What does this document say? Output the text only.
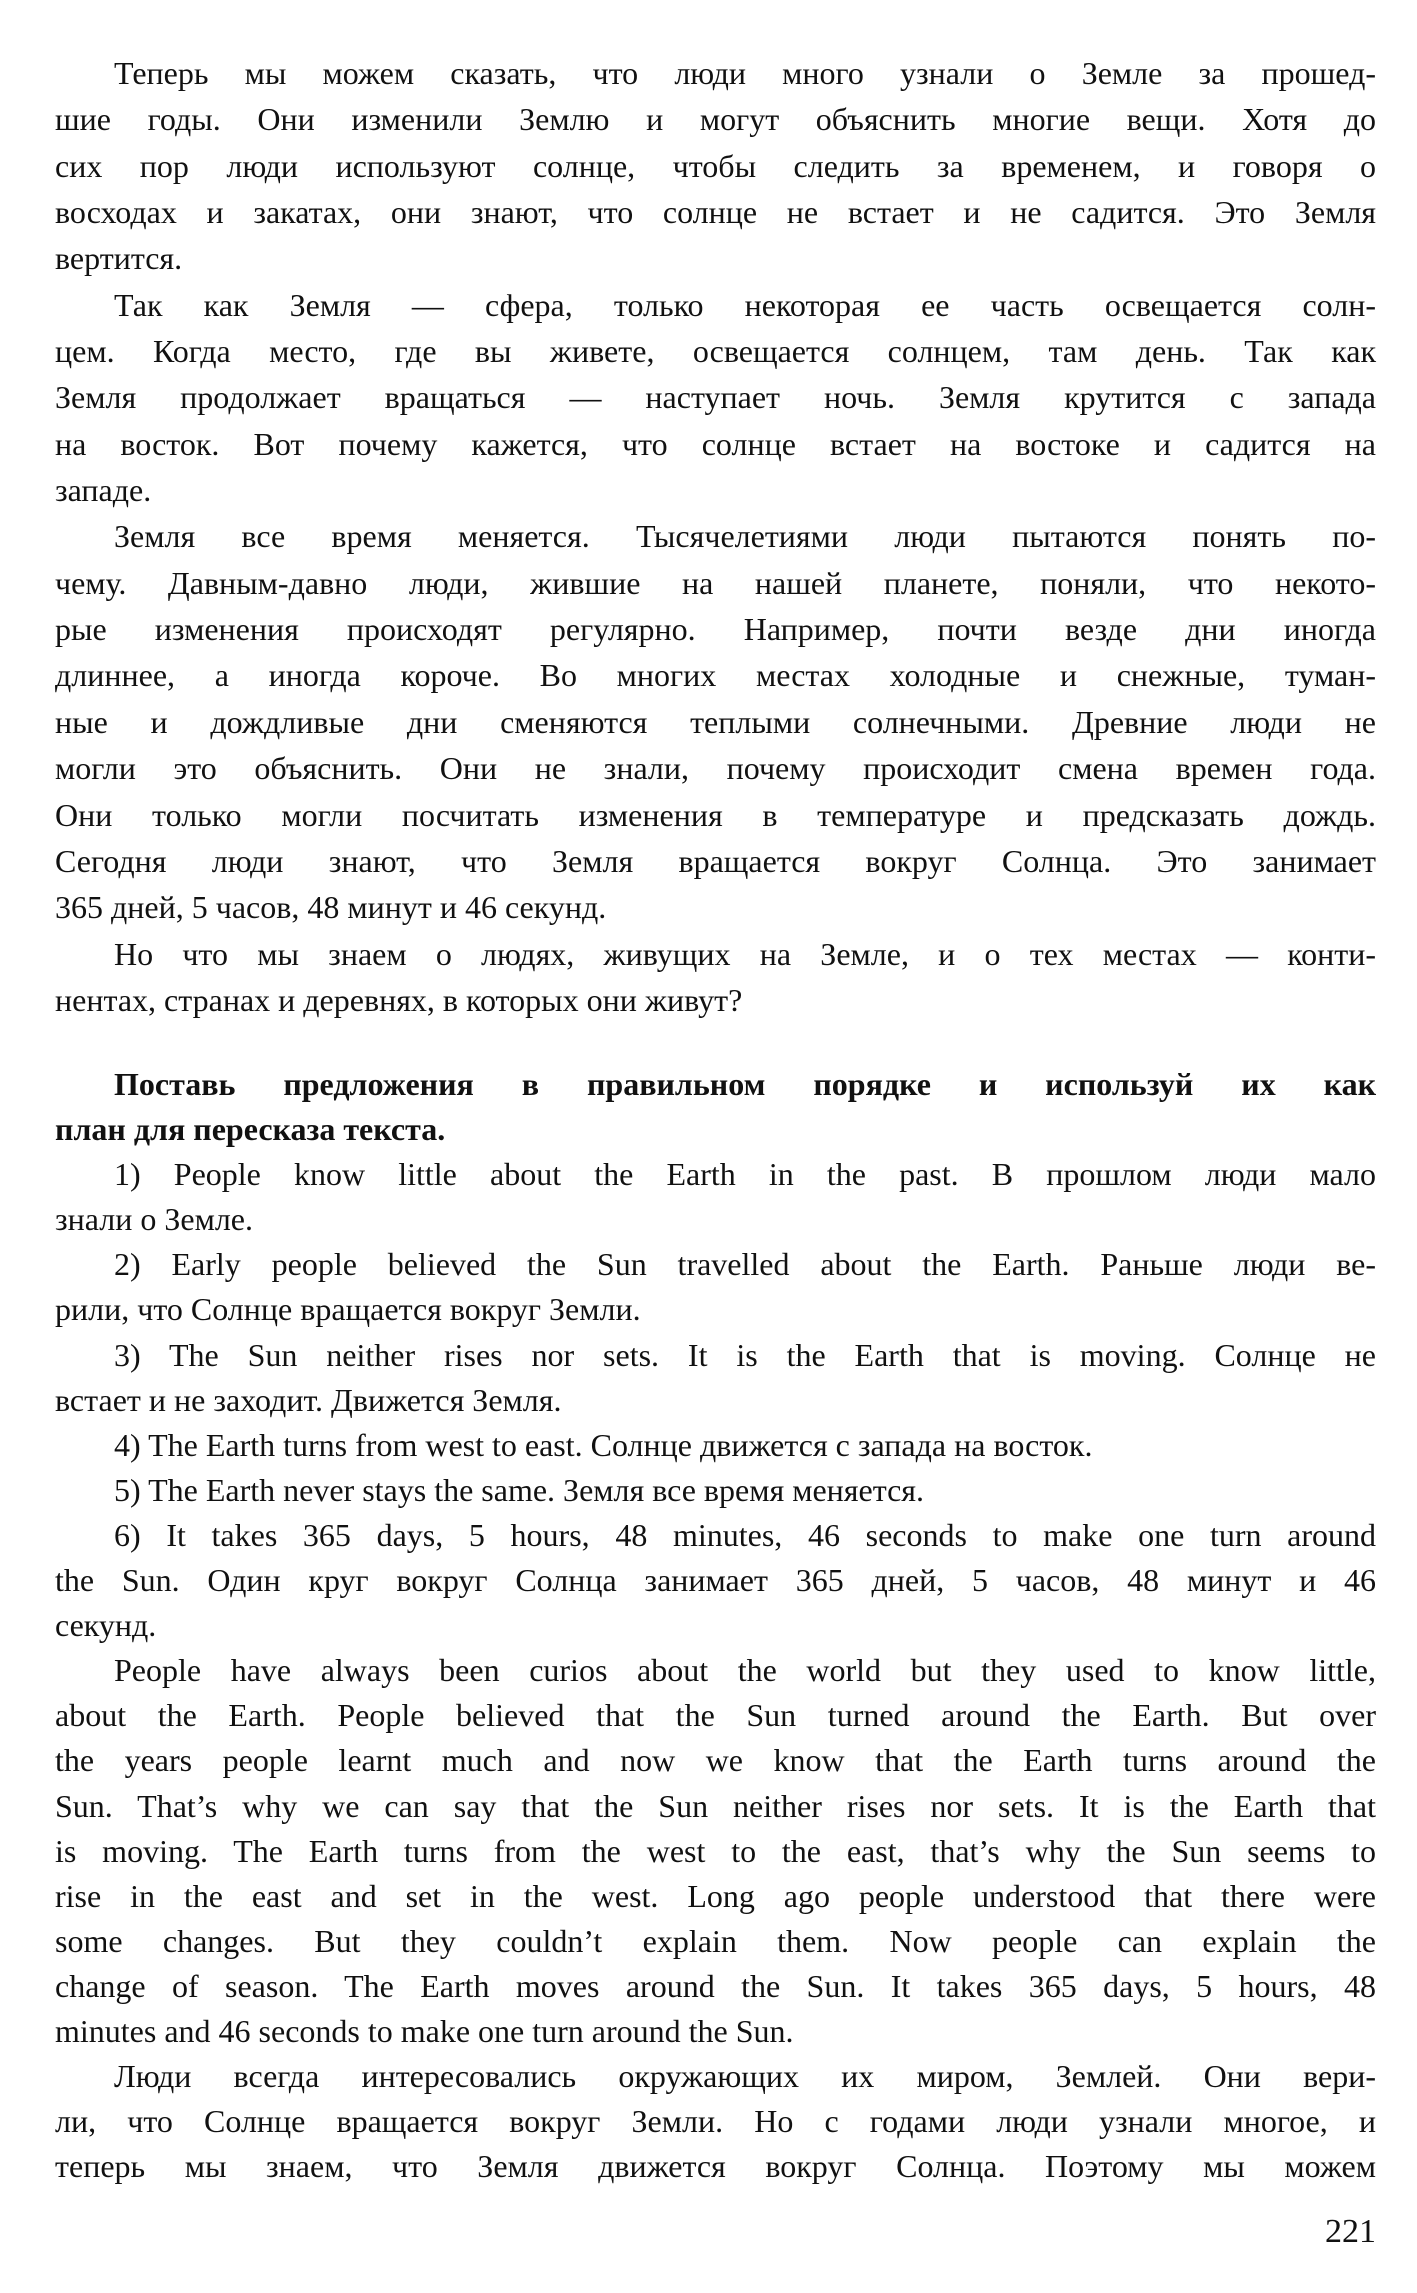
Теперь мы можем сказать, что люди много узнали о Земле за прошед-
шие годы. Они изменили Землю и могут объяснить многие вещи. Хотя до
сих пор люди используют солнце, чтобы следить за временем, и говоря о
восходах и закатах, они знают, что солнце не встает и не садится. Это Земля
вертится.
Так как Земля — сфера, только некоторая ее часть освещается солн-
цем. Когда место, где вы живете, освещается солнцем, там день. Так как
Земля продолжает вращаться — наступает ночь. Земля крутится с запада
на восток. Вот почему кажется, что солнце встает на востоке и садится на
западе.
Земля все время меняется. Тысячелетиями люди пытаются понять по-
чему. Давным-давно люди, жившие на нашей планете, поняли, что некото-
рые изменения происходят регулярно. Например, почти везде дни иногда
длиннее, а иногда короче. Во многих местах холодные и снежные, туман-
ные и дождливые дни сменяются теплыми солнечными. Древние люди не
могли это объяснить. Они не знали, почему происходит смена времен года.
Они только могли посчитать изменения в температуре и предсказать дождь.
Сегодня люди знают, что Земля вращается вокруг Солнца. Это занимает
365 дней, 5 часов, 48 минут и 46 секунд.
Но что мы знаем о людях, живущих на Земле, и о тех местах — конти-
нентах, странах и деревнях, в которых они живут?
Поставь предложения в правильном порядке и используй их как
план для пересказа текста.
1) People know little about the Earth in the past. В прошлом люди мало
знали о Земле.
2) Early people believed the Sun travelled about the Earth. Раньше люди ве-
рили, что Солнце вращается вокруг Земли.
3) The Sun neither rises nor sets. It is the Earth that is moving. Солнце не
встает и не заходит. Движется Земля.
4) The Earth turns from west to east. Солнце движется с запада на восток.
5) The Earth never stays the same. Земля все время меняется.
6) It takes 365 days, 5 hours, 48 minutes, 46 seconds to make one turn around
the Sun. Один круг вокруг Солнца занимает 365 дней, 5 часов, 48 минут и 46
секунд.
People have always been curios about the world but they used to know little,
about the Earth. People believed that the Sun turned around the Earth. But over
the years people learnt much and now we know that the Earth turns around the
Sun. That’s why we can say that the Sun neither rises nor sets. It is the Earth that
is moving. The Earth turns from the west to the east, that’s why the Sun seems to
rise in the east and set in the west. Long ago people understood that there were
some changes. But they couldn’t explain them. Now people can explain the
change of season. The Earth moves around the Sun. It takes 365 days, 5 hours, 48
minutes and 46 seconds to make one turn around the Sun.
Люди всегда интересовались окружающих их миром, Землей. Они вери-
ли, что Солнце вращается вокруг Земли. Но с годами люди узнали многое, и
теперь мы знаем, что Земля движется вокруг Солнца. Поэтому мы можем
221
